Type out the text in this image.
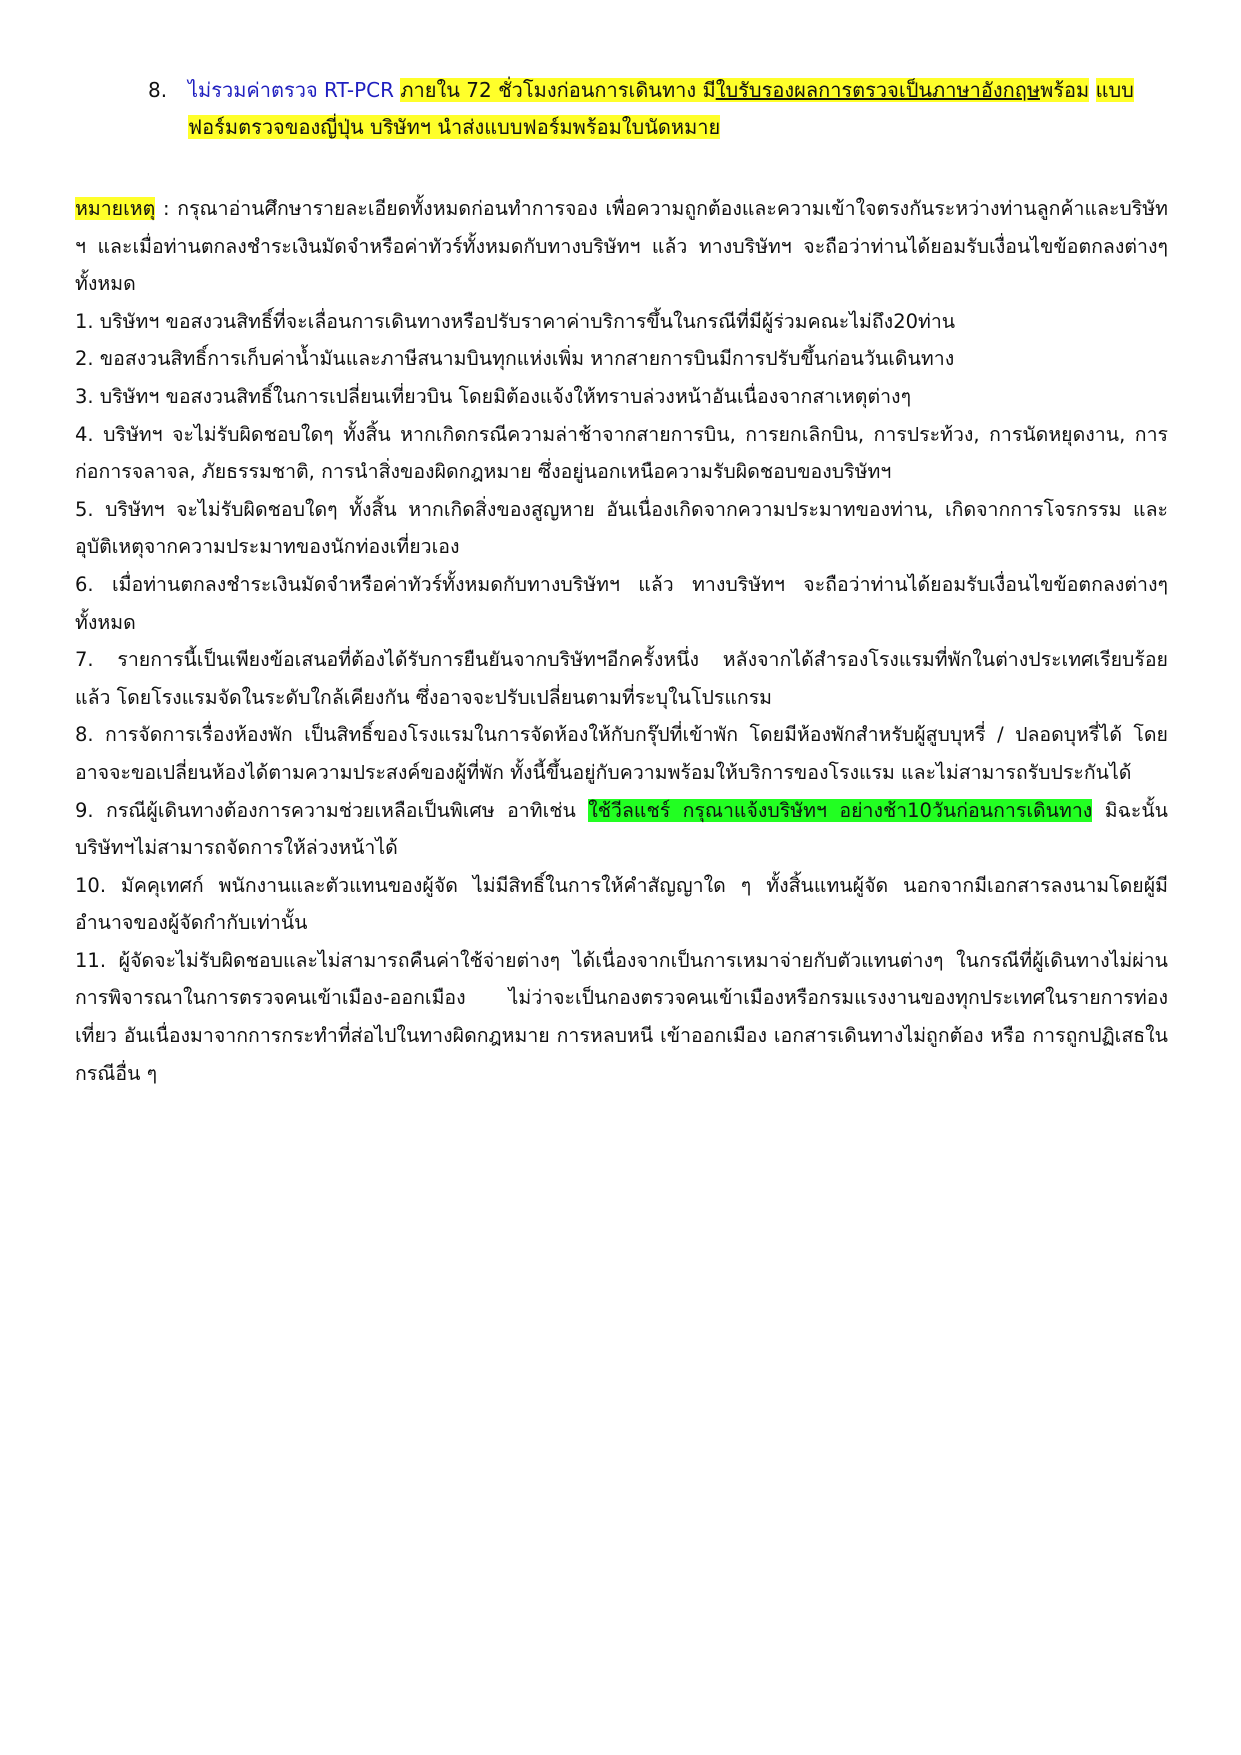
8.	ไม่รวมค่าตรวจ RT-PCR ภายใน 72 ชั่วโมงก่อนการเดินทาง มีใบรับรองผลการตรวจเป็นภาษาอังกฤษพร้อม แบบฟอร์มตรวจของญี่ปุ่น บริษัทฯ นำส่งแบบฟอร์มพร้อมใบนัดหมาย

หมายเหตุ : กรุณาอ่านศึกษารายละเอียดทั้งหมดก่อนทำการจอง เพื่อความถูกต้องและความเข้าใจตรงกันระหว่างท่านลูกค้าและบริษัท ฯ และเมื่อท่านตกลงชำระเงินมัดจำหรือค่าทัวร์ทั้งหมดกับทางบริษัทฯ แล้ว ทางบริษัทฯ จะถือว่าท่านได้ยอมรับเงื่อนไขข้อตกลงต่างๆ ทั้งหมด

1. บริษัทฯ ขอสงวนสิทธิ์ที่จะเลื่อนการเดินทางหรือปรับราคาค่าบริการขึ้นในกรณีที่มีผู้ร่วมคณะไม่ถึง20ท่าน

2. ขอสงวนสิทธิ์การเก็บค่าน้ำมันและภาษีสนามบินทุกแห่งเพิ่ม หากสายการบินมีการปรับขึ้นก่อนวันเดินทาง

3. บริษัทฯ ขอสงวนสิทธิ์ในการเปลี่ยนเที่ยวบิน โดยมิต้องแจ้งให้ทราบล่วงหน้าอันเนื่องจากสาเหตุต่างๆ

4. บริษัทฯ จะไม่รับผิดชอบใดๆ ทั้งสิ้น หากเกิดกรณีความล่าช้าจากสายการบิน, การยกเลิกบิน, การประท้วง, การนัดหยุดงาน, การก่อการจลาจล, ภัยธรรมชาติ, การนำสิ่งของผิดกฎหมาย ซึ่งอยู่นอกเหนือความรับผิดชอบของบริษัทฯ

5. บริษัทฯ จะไม่รับผิดชอบใดๆ ทั้งสิ้น หากเกิดสิ่งของสูญหาย อันเนื่องเกิดจากความประมาทของท่าน, เกิดจากการโจรกรรม และอุบัติเหตุจากความประมาทของนักท่องเที่ยวเอง

6. เมื่อท่านตกลงชำระเงินมัดจำหรือค่าทัวร์ทั้งหมดกับทางบริษัทฯ แล้ว ทางบริษัทฯ จะถือว่าท่านได้ยอมรับเงื่อนไขข้อตกลงต่างๆ ทั้งหมด

7. รายการนี้เป็นเพียงข้อเสนอที่ต้องได้รับการยืนยันจากบริษัทฯอีกครั้งหนึ่ง หลังจากได้สำรองโรงแรมที่พักในต่างประเทศเรียบร้อยแล้ว โดยโรงแรมจัดในระดับใกล้เคียงกัน ซึ่งอาจจะปรับเปลี่ยนตามที่ระบุในโปรแกรม

8. การจัดการเรื่องห้องพัก เป็นสิทธิ์ของโรงแรมในการจัดห้องให้กับกรุ๊ปที่เข้าพัก โดยมีห้องพักสำหรับผู้สูบบุหรี่ / ปลอดบุหรี่ได้ โดยอาจจะขอเปลี่ยนห้องได้ตามความประสงค์ของผู้ที่พัก ทั้งนี้ขึ้นอยู่กับความพร้อมให้บริการของโรงแรม และไม่สามารถรับประกันได้

9. กรณีผู้เดินทางต้องการความช่วยเหลือเป็นพิเศษ อาทิเช่น ใช้วีลแชร์ กรุณาแจ้งบริษัทฯ อย่างช้า10วันก่อนการเดินทาง มิฉะนั้นบริษัทฯไม่สามารถจัดการให้ล่วงหน้าได้

10. มัคคุเทศก์ พนักงานและตัวแทนของผู้จัด ไม่มีสิทธิ์ในการให้คำสัญญาใด ๆ ทั้งสิ้นแทนผู้จัด นอกจากมีเอกสารลงนามโดยผู้มีอำนาจของผู้จัดกำกับเท่านั้น

11. ผู้จัดจะไม่รับผิดชอบและไม่สามารถคืนค่าใช้จ่ายต่างๆ ได้เนื่องจากเป็นการเหมาจ่ายกับตัวแทนต่างๆ ในกรณีที่ผู้เดินทางไม่ผ่านการพิจารณาในการตรวจคนเข้าเมือง-ออกเมือง ไม่ว่าจะเป็นกองตรวจคนเข้าเมืองหรือกรมแรงงานของทุกประเทศในรายการท่องเที่ยว อันเนื่องมาจากการกระทำที่ส่อไปในทางผิดกฎหมาย การหลบหนี เข้าออกเมือง เอกสารเดินทางไม่ถูกต้อง หรือ การถูกปฏิเสธในกรณีอื่น ๆ
